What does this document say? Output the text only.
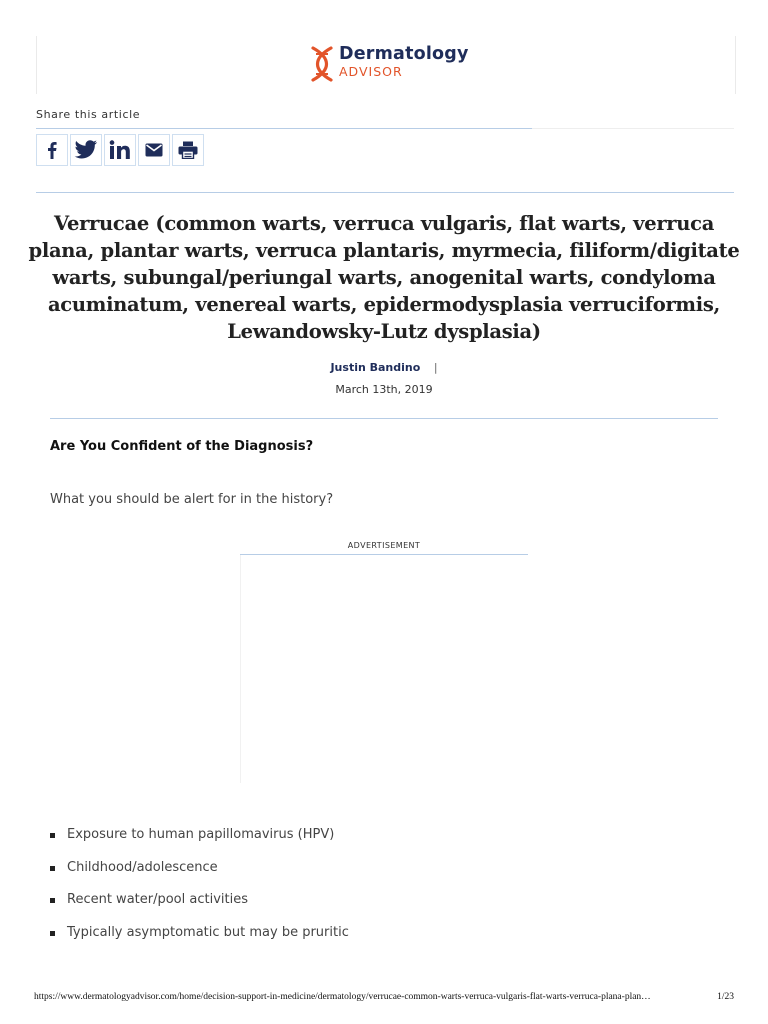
Dermatology
ADVISOR
Share this article
Verrucae (common warts, verruca vulgaris, flat warts, verruca plana, plantar warts, verruca plantaris, myrmecia, filiform/digitate warts, subungal/periungal warts, anogenital warts, condyloma acuminatum, venereal warts, epidermodysplasia verruciformis, Lewandowsky-Lutz dysplasia)
Justin Bandino |
March 13th, 2019
Are You Confident of the Diagnosis?
What you should be alert for in the history?
ADVERTISEMENT
Exposure to human papillomavirus (HPV)
Childhood/adolescence
Recent water/pool activities
Typically asymptomatic but may be pruritic
https://www.dermatologyadvisor.com/home/decision-support-in-medicine/dermatology/verrucae-common-warts-verruca-vulgaris-flat-warts-verruca-plana-plan…	1/23
